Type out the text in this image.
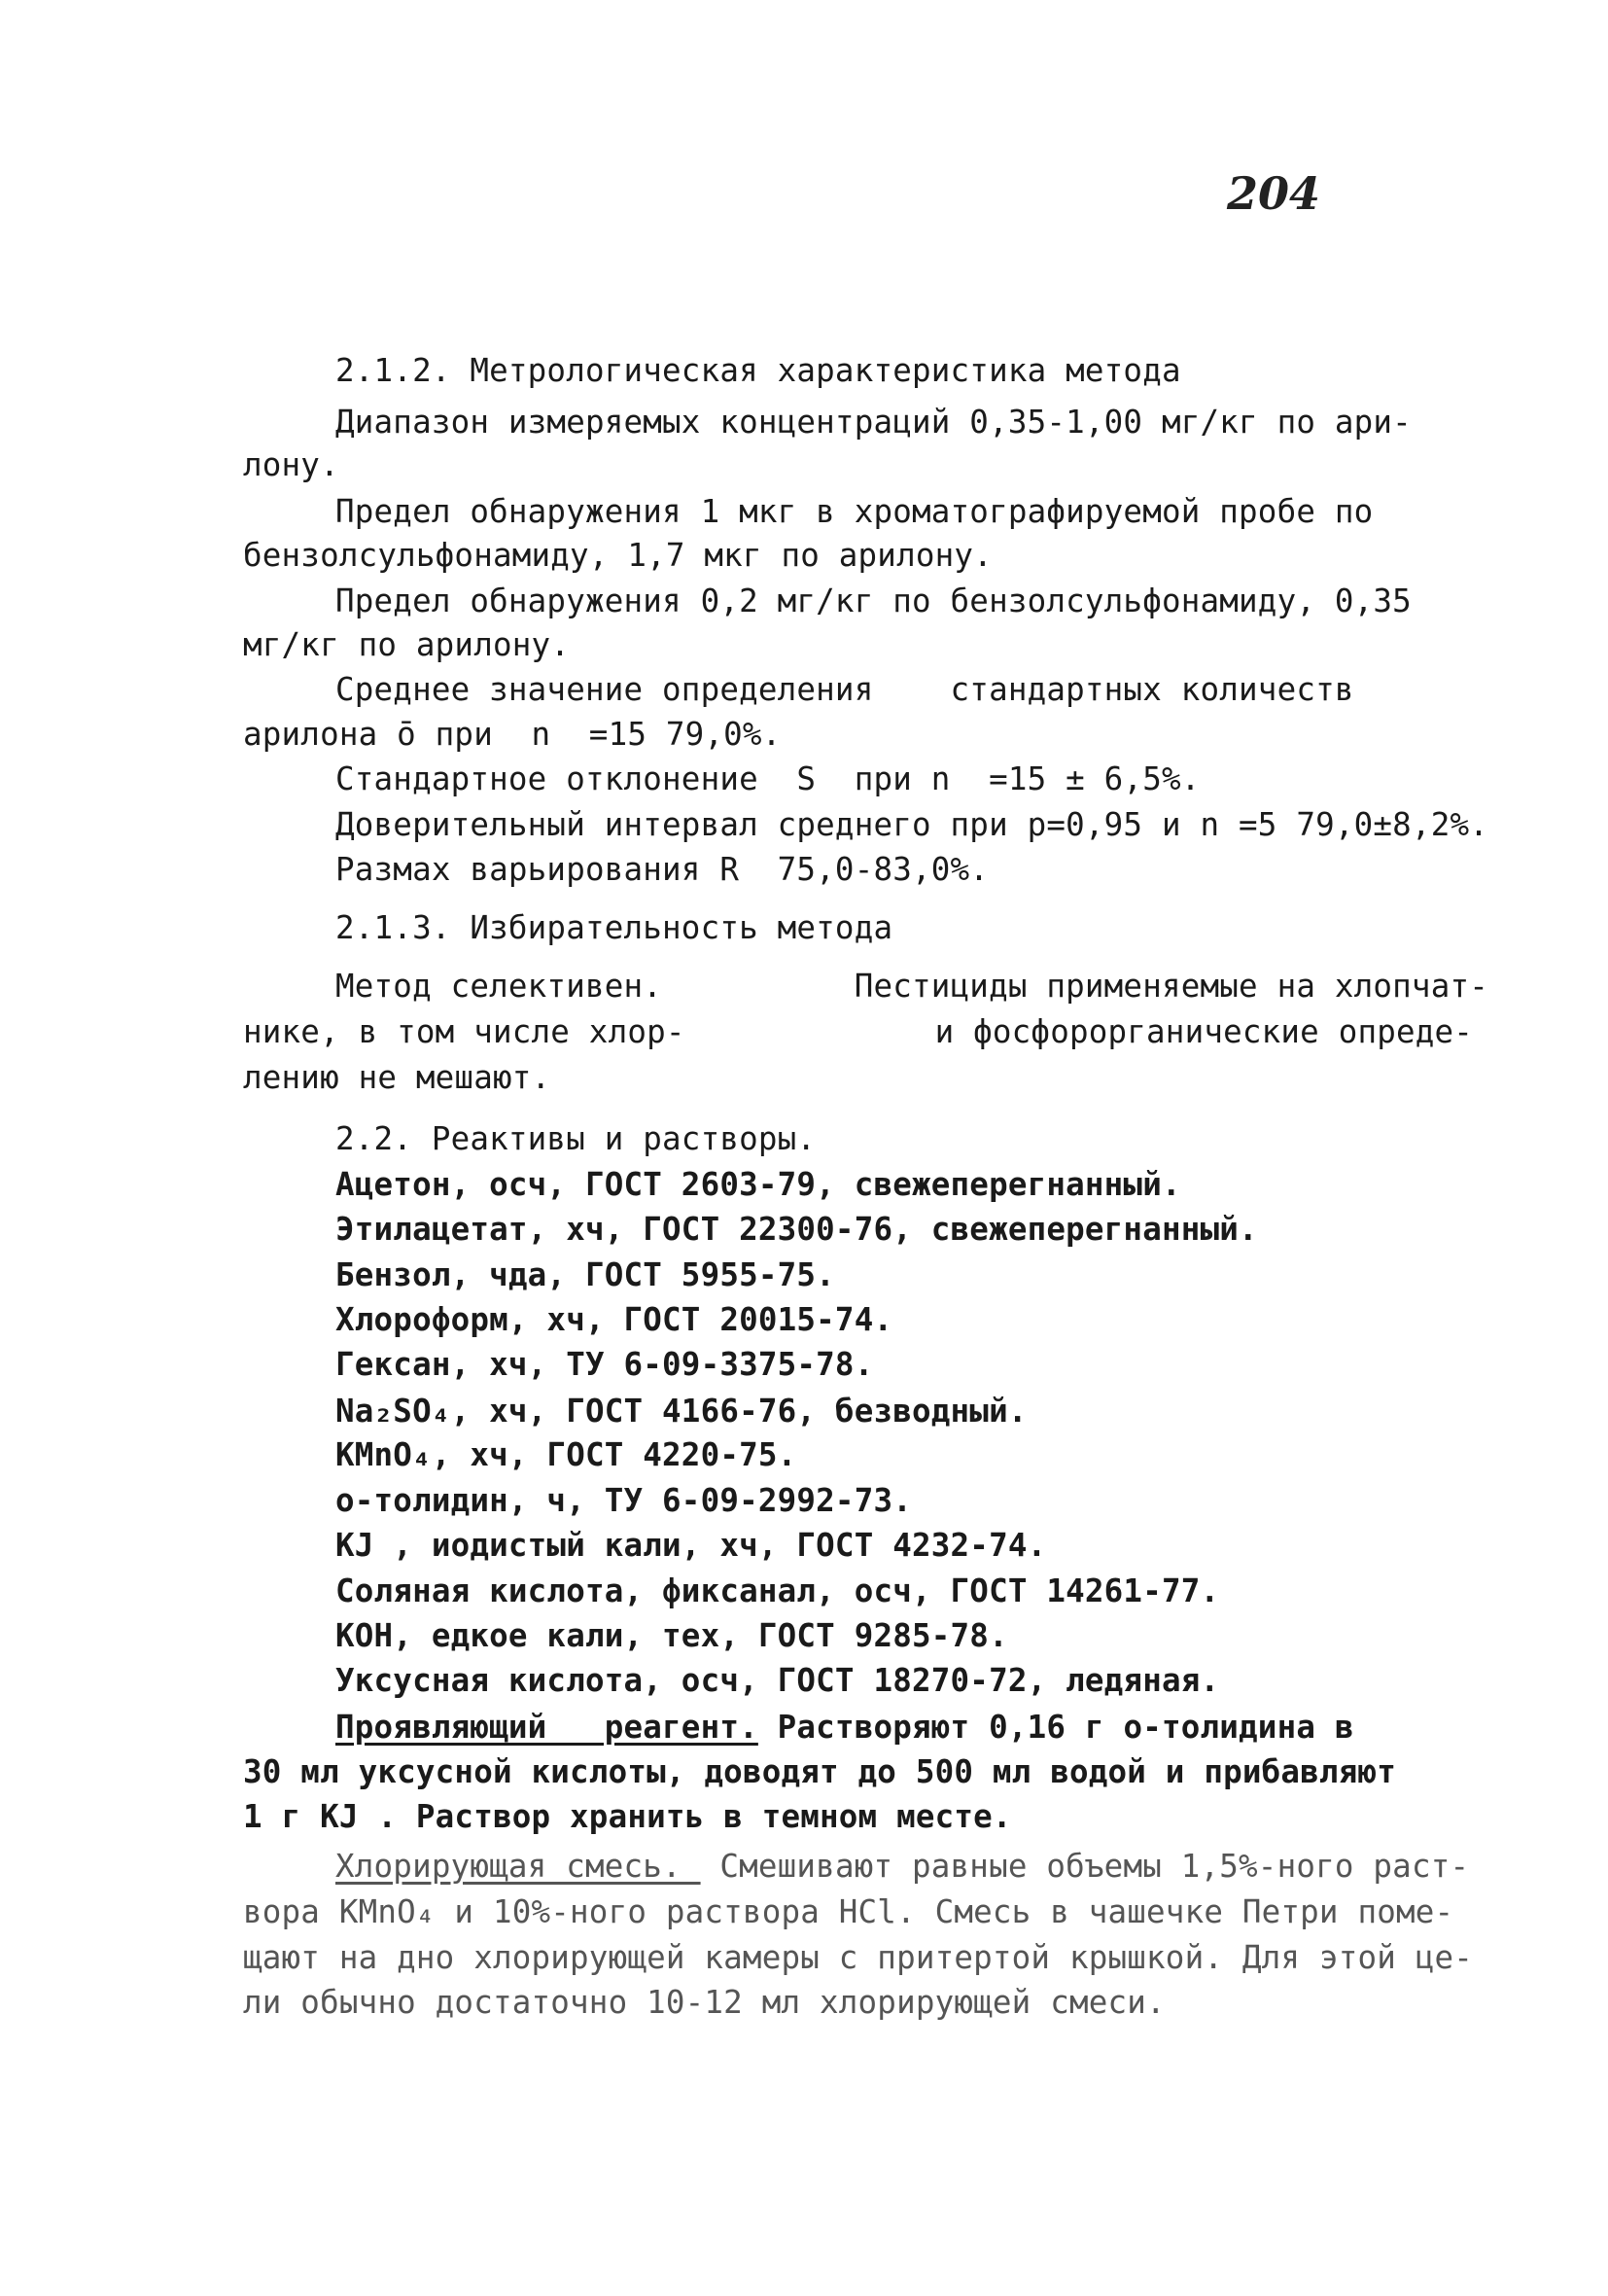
204
2.1.2. Метрологическая характеристика метода
Диапазон измеряемых концентраций 0,35-1,00 мг/кг по ари-
лону.
Предел обнаружения 1 мкг в хроматографируемой пробе по
бензолсульфонамиду, 1,7 мкг по арилону.
Предел обнаружения 0,2 мг/кг по бензолсульфонамиду, 0,35
мг/кг по арилону.
Среднее значение определения    стандартных количеств
арилона ō при  n  =15 79,0%.
Стандартное отклонение  S  при n  =15 ± 6,5%.
Доверительный интервал среднего при p=0,95 и n =5 79,0±8,2%.
Размах варьирования R  75,0-83,0%.
2.1.3. Избирательность метода
Метод селективен.          Пестициды применяемые на хлопчат-
нике, в том числе хлор-             и фосфорорганические опреде-
лению не мешают.
2.2. Реактивы и растворы.
Ацетон, осч, ГОСТ 2603-79, свежеперегнанный.
Этилацетат, хч, ГОСТ 22300-76, свежеперегнанный.
Бензол, чда, ГОСТ 5955-75.
Хлороформ, хч, ГОСТ 20015-74.
Гексан, хч, ТУ 6-09-3375-78.
Na₂SO₄, хч, ГОСТ 4166-76, безводный.
KMnO₄, хч, ГОСТ 4220-75.
о-толидин, ч, ТУ 6-09-2992-73.
KJ , иодистый кали, хч, ГОСТ 4232-74.
Соляная кислота, фиксанал, осч, ГОСТ 14261-77.
KOH, едкое кали, тех, ГОСТ 9285-78.
Уксусная кислота, осч, ГОСТ 18270-72, ледяная.
Проявляющий _ реагент. Растворяют 0,16 г о-толидина в
30 мл уксусной кислоты, доводят до 500 мл водой и прибавляют
1 г KJ . Раствор хранить в темном месте.
Хлорирующая смесь._ Смешивают равные объемы 1,5%-ного раст-
вора KMnO₄ и 10%-ного раствора HCl. Смесь в чашечке Петри поме-
щают на дно хлорирующей камеры с притертой крышкой. Для этой це-
ли обычно достаточно 10-12 мл хлорирующей смеси.
